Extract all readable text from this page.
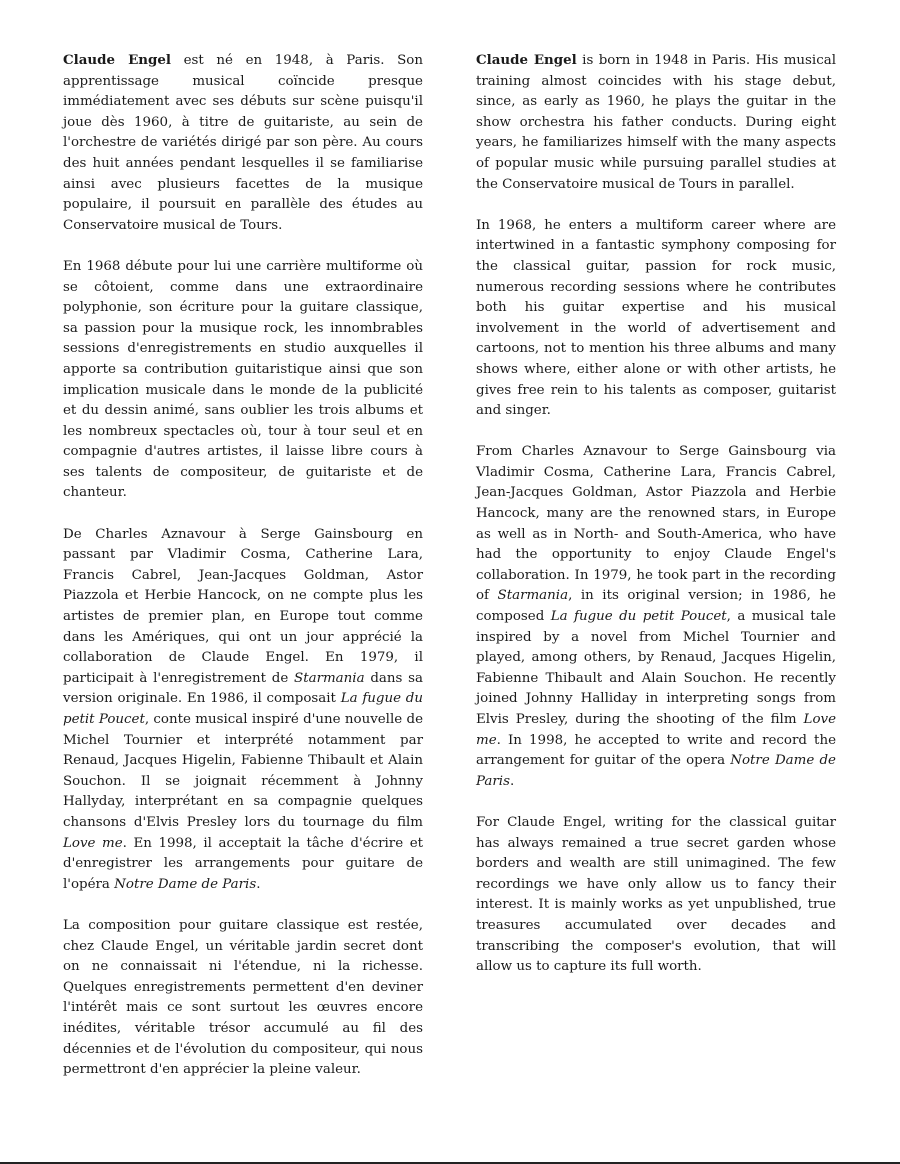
Claude Engel est né en 1948, à Paris. Son apprentissage musical coïncide presque immédiatement avec ses débuts sur scène puisqu'il joue dès 1960, à titre de guitariste, au sein de l'orchestre de variétés dirigé par son père. Au cours des huit années pendant lesquelles il se familiarise ainsi avec plusieurs facettes de la musique populaire, il poursuit en parallèle des études au Conservatoire musical de Tours.

En 1968 débute pour lui une carrière multiforme où se côtoient, comme dans une extraordinaire polyphonie, son écriture pour la guitare classique, sa passion pour la musique rock, les innombrables sessions d'enregistrements en studio auxquelles il apporte sa contribution guitaristique ainsi que son implication musicale dans le monde de la publicité et du dessin animé, sans oublier les trois albums et les nombreux spectacles où, tour à tour seul et en compagnie d'autres artistes, il laisse libre cours à ses talents de compositeur, de guitariste et de chanteur.

De Charles Aznavour à Serge Gainsbourg en passant par Vladimir Cosma, Catherine Lara, Francis Cabrel, Jean-Jacques Goldman, Astor Piazzola et Herbie Hancock, on ne compte plus les artistes de premier plan, en Europe tout comme dans les Amériques, qui ont un jour apprécié la collaboration de Claude Engel. En 1979, il participait à l'enregistrement de Starmania dans sa version originale. En 1986, il composait La fugue du petit Poucet, conte musical inspiré d'une nouvelle de Michel Tournier et interprété notamment par Renaud, Jacques Higelin, Fabienne Thibault et Alain Souchon. Il se joignait récemment à Johnny Hallyday, interprétant en sa compagnie quelques chansons d'Elvis Presley lors du tournage du film Love me. En 1998, il acceptait la tâche d'écrire et d'enregistrer les arrangements pour guitare de l'opéra Notre Dame de Paris.

La composition pour guitare classique est restée, chez Claude Engel, un véritable jardin secret dont on ne connaissait ni l'étendue, ni la richesse. Quelques enregistrements permettent d'en deviner l'intérêt mais ce sont surtout les œuvres encore inédites, véritable trésor accumulé au fil des décennies et de l'évolution du compositeur, qui nous permettront d'en apprécier la pleine valeur.

Claude Engel is born in 1948 in Paris. His musical training almost coincides with his stage debut, since, as early as 1960, he plays the guitar in the show orchestra his father conducts. During eight years, he familiarizes himself with the many aspects of popular music while pursuing parallel studies at the Conservatoire musical de Tours in parallel.

In 1968, he enters a multiform career where are intertwined in a fantastic symphony composing for the classical guitar, passion for rock music, numerous recording sessions where he contributes both his guitar expertise and his musical involvement in the world of advertisement and cartoons, not to mention his three albums and many shows where, either alone or with other artists, he gives free rein to his talents as composer, guitarist and singer.

From Charles Aznavour to Serge Gainsbourg via Vladimir Cosma, Catherine Lara, Francis Cabrel, Jean-Jacques Goldman, Astor Piazzola and Herbie Hancock, many are the renowned stars, in Europe as well as in North- and South-America, who have had the opportunity to enjoy Claude Engel's collaboration. In 1979, he took part in the recording of Starmania, in its original version; in 1986, he composed La fugue du petit Poucet, a musical tale inspired by a novel from Michel Tournier and played, among others, by Renaud, Jacques Higelin, Fabienne Thibault and Alain Souchon. He recently joined Johnny Halliday in interpreting songs from Elvis Presley, during the shooting of the film Love me. In 1998, he accepted to write and record the arrangement for guitar of the opera Notre Dame de Paris.

For Claude Engel, writing for the classical guitar has always remained a true secret garden whose borders and wealth are still unimagined. The few recordings we have only allow us to fancy their interest. It is mainly works as yet unpublished, true treasures accumulated over decades and transcribing the composer's evolution, that will allow us to capture its full worth.
